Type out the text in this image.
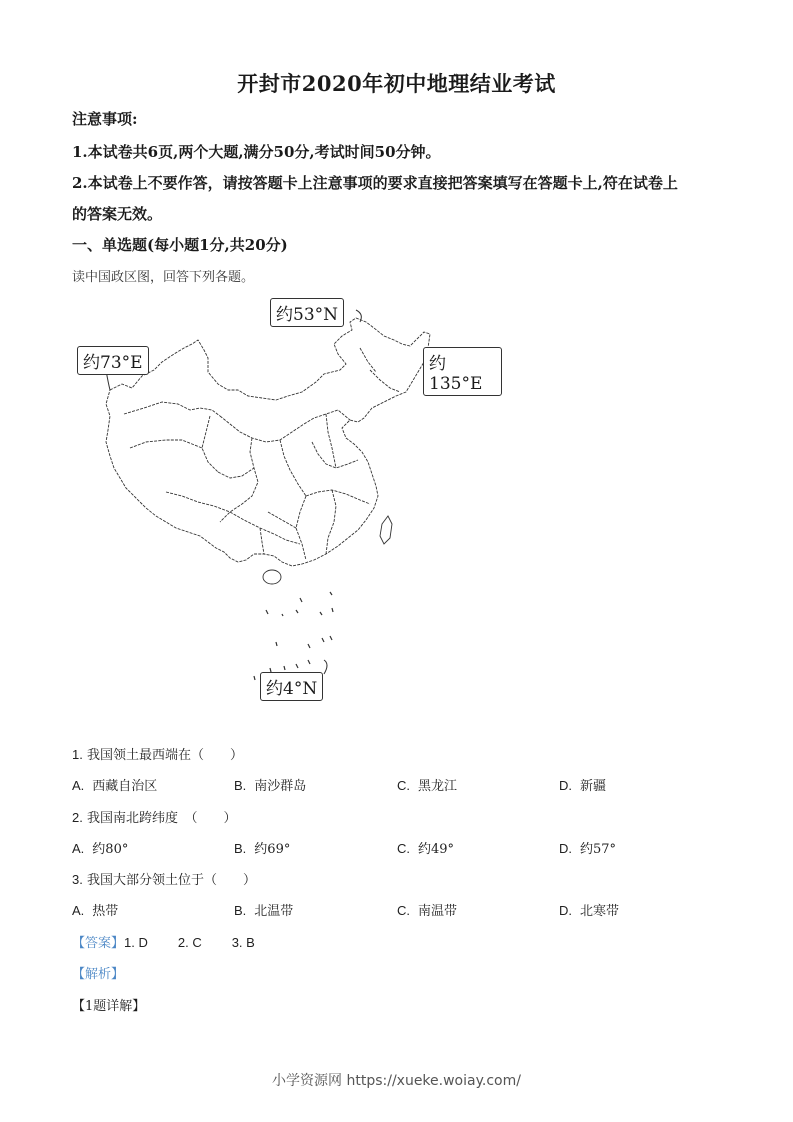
开封市2020年初中地理结业考试
注意事项:
1.本试卷共6页,两个大题,满分50分,考试时间50分钟。
2.本试卷上不要作答，请按答题卡上注意事项的要求直接把答案填写在答题卡上,符在试卷上
的答案无效。
一、单选题(每小题1分,共20分)
读中国政区图，回答下列各题。
约53°N
约73°E	约135°E
约4°N
1. 我国领土最西端在（　　）
A. 西藏自治区	B. 南沙群岛	C. 黑龙江	D. 新疆
2. 我国南北跨纬度　（　　）
A. 约80°	B. 约69°	C. 约49°	D. 约57°
3. 我国大部分领土位于（　　）
A. 热带	B. 北温带	C. 南温带	D. 北寒带
【答案】1. D 2. C 3. B
【解析】
【1题详解】
小学资源网 https://xueke.woiay.com/
